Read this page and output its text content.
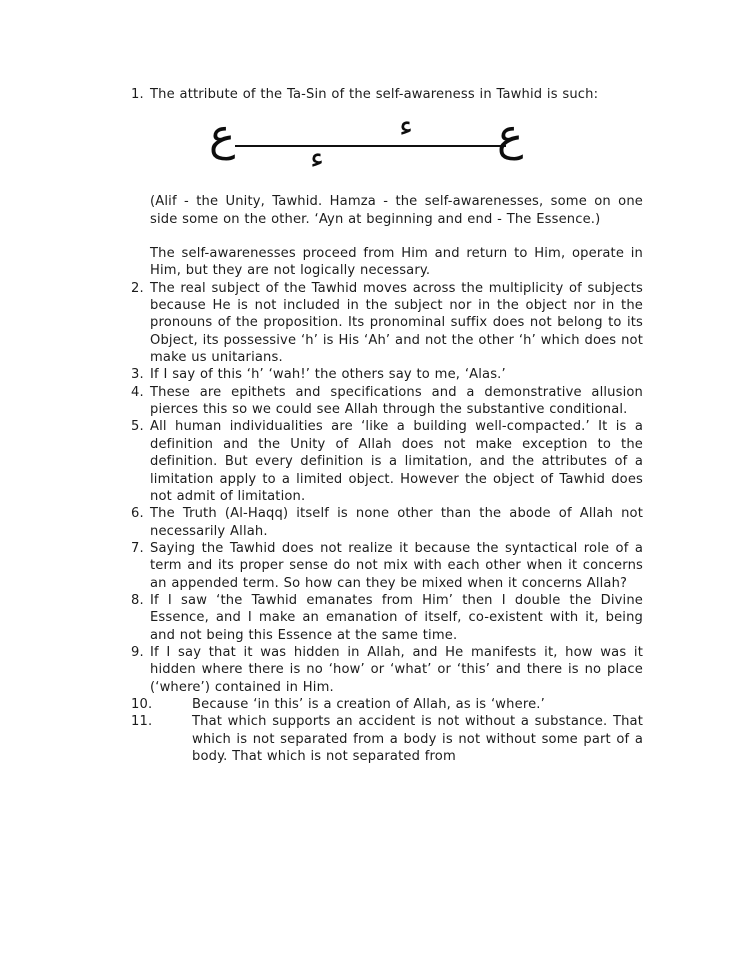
1. The attribute of the Ta-Sin of the self-awareness in Tawhid is such:
ع ء
ء ع

(Alif - the Unity, Tawhid. Hamza - the self-awarenesses, some on one side some on the other. ‘Ayn at beginning and end - The Essence.)

The self-awarenesses proceed from Him and return to Him, operate in Him, but they are not logically necessary.

2. The real subject of the Tawhid moves across the multiplicity of subjects because He is not included in the subject nor in the object nor in the pronouns of the proposition. Its pronominal suffix does not belong to its Object, its possessive ‘h’ is His ‘Ah’ and not the other ‘h’ which does not make us unitarians.
3. If I say of this ‘h’ ‘wah!’ the others say to me, ‘Alas.’
4. These are epithets and specifications and a demonstrative allusion pierces this so we could see Allah through the substantive conditional.
5. All human individualities are ‘like a building well-compacted.’ It is a definition and the Unity of Allah does not make exception to the definition. But every definition is a limitation, and the attributes of a limitation apply to a limited object. However the object of Tawhid does not admit of limitation.
6. The Truth (Al-Haqq) itself is none other than the abode of Allah not necessarily Allah.
7. Saying the Tawhid does not realize it because the syntactical role of a term and its proper sense do not mix with each other when it concerns an appended term. So how can they be mixed when it concerns Allah?
8. If I saw ‘the Tawhid emanates from Him’ then I double the Divine Essence, and I make an emanation of itself, co-existent with it, being and not being this Essence at the same time.
9. If I say that it was hidden in Allah, and He manifests it, how was it hidden where there is no ‘how’ or ‘what’ or ‘this’ and there is no place (‘where’) contained in Him.
10.	Because ‘in this’ is a creation of Allah, as is ‘where.’
11.	That which supports an accident is not without a substance. That which is not separated from a body is not without some part of a body. That which is not separated from
